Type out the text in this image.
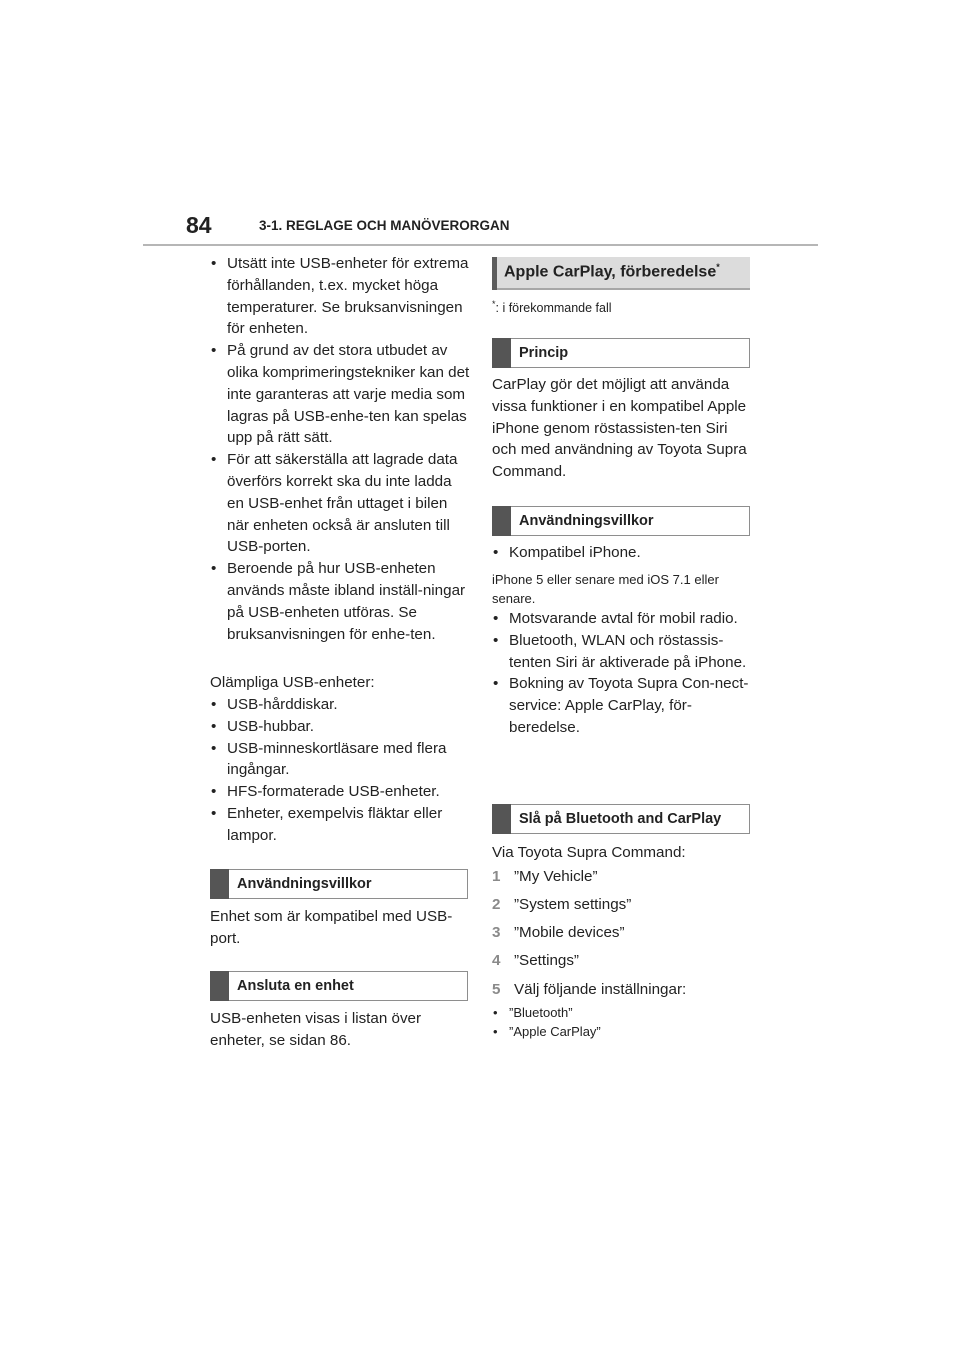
84	3-1. REGLAGE OCH MANÖVERORGAN
• Utsätt inte USB-enheter för extrema förhållanden, t.ex. mycket höga temperaturer. Se bruksanvisningen för enheten.
• På grund av det stora utbudet av olika komprimeringstekniker kan det inte garanteras att varje media som lagras på USB-enhe-ten kan spelas upp på rätt sätt.
• För att säkerställa att lagrade data överförs korrekt ska du inte ladda en USB-enhet från uttaget i bilen när enheten också är ansluten till USB-porten.
• Beroende på hur USB-enheten används måste ibland inställ-ningar på USB-enheten utföras. Se bruksanvisningen för enhe-ten.

Olämpliga USB-enheter:

• USB-hårddiskar.
• USB-hubbar.
• USB-minneskortläsare med flera ingångar.
• HFS-formaterade USB-enheter.
• Enheter, exempelvis fläktar eller lampor.
Användningsvillkor

Enhet som är kompatibel med USB-port.

Ansluta en enhet

USB-enheten visas i listan över enheter, se sidan 86.

Apple CarPlay, förberedelse*
*: i förekommande fall
Princip

CarPlay gör det möjligt att använda vissa funktioner i en kompatibel Apple iPhone genom röstassisten-ten Siri och med användning av Toyota Supra Command.

Användningsvillkor
• Kompatibel iPhone.

iPhone 5 eller senare med iOS 7.1 eller senare.

• Motsvarande avtal för mobil radio.
• Bluetooth, WLAN och röstassis-tenten Siri är aktiverade på iPhone.
• Bokning av Toyota Supra Con-nect-service: Apple CarPlay, för-beredelse.
Slå på Bluetooth and CarPlay

Via Toyota Supra Command:

1 ”My Vehicle”
2 ”System settings”
3 ”Mobile devices”
4 ”Settings”
5 Välj följande inställningar:
• ”Bluetooth”
• ”Apple CarPlay”
